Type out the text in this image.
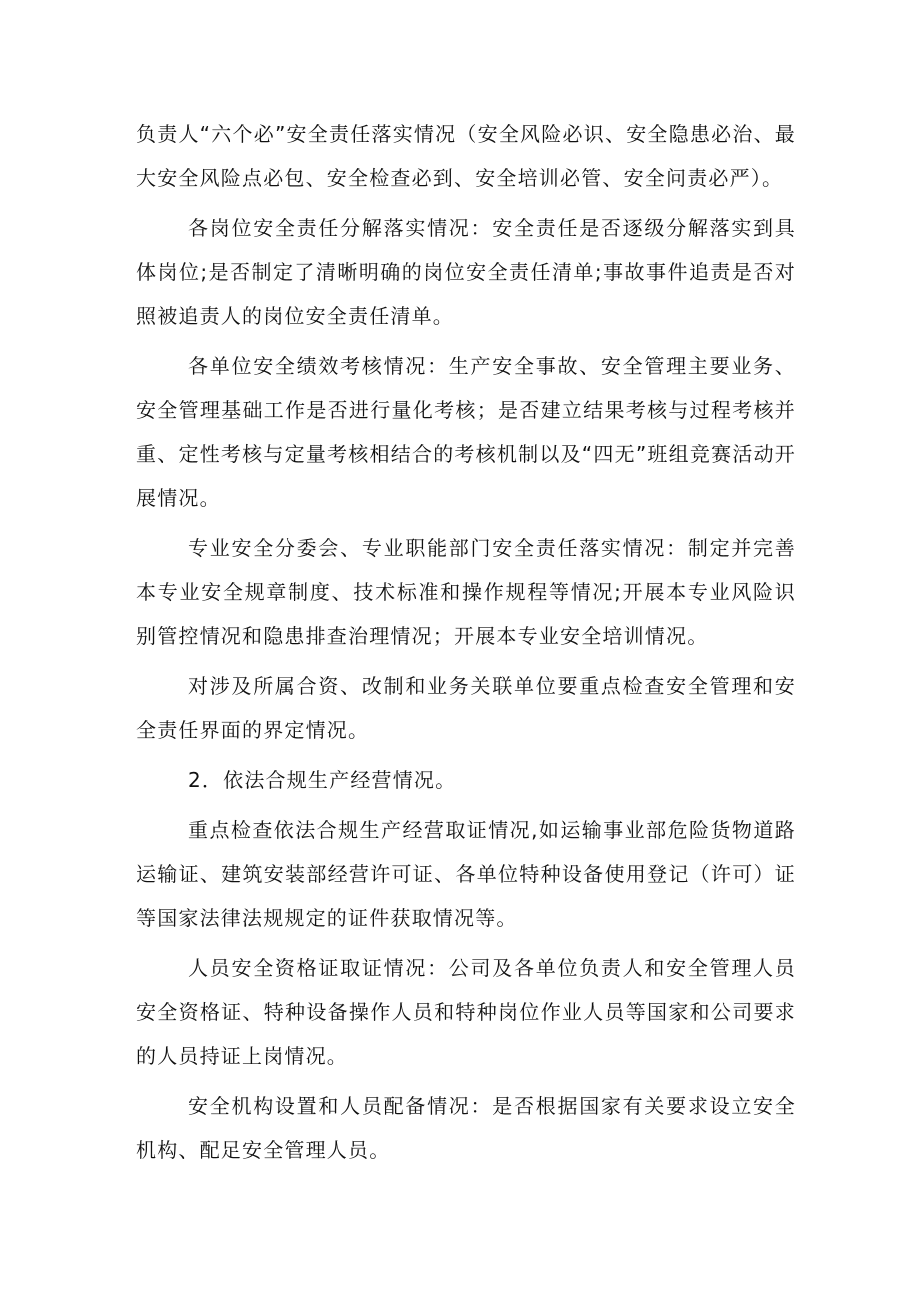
负责人“六个必”安全责任落实情况（安全风险必识、安全隐患必治、最大安全风险点必包、安全检查必到、安全培训必管、安全问责必严）。

各岗位安全责任分解落实情况：安全责任是否逐级分解落实到具体岗位;是否制定了清晰明确的岗位安全责任清单;事故事件追责是否对照被追责人的岗位安全责任清单。

各单位安全绩效考核情况：生产安全事故、安全管理主要业务、安全管理基础工作是否进行量化考核；是否建立结果考核与过程考核并重、定性考核与定量考核相结合的考核机制以及“四无”班组竞赛活动开展情况。

专业安全分委会、专业职能部门安全责任落实情况：制定并完善本专业安全规章制度、技术标准和操作规程等情况;开展本专业风险识别管控情况和隐患排查治理情况；开展本专业安全培训情况。

对涉及所属合资、改制和业务关联单位要重点检查安全管理和安全责任界面的界定情况。

2．依法合规生产经营情况。

重点检查依法合规生产经营取证情况,如运输事业部危险货物道路运输证、建筑安装部经营许可证、各单位特种设备使用登记（许可）证等国家法律法规规定的证件获取情况等。

人员安全资格证取证情况：公司及各单位负责人和安全管理人员安全资格证、特种设备操作人员和特种岗位作业人员等国家和公司要求的人员持证上岗情况。

安全机构设置和人员配备情况：是否根据国家有关要求设立安全机构、配足安全管理人员。
